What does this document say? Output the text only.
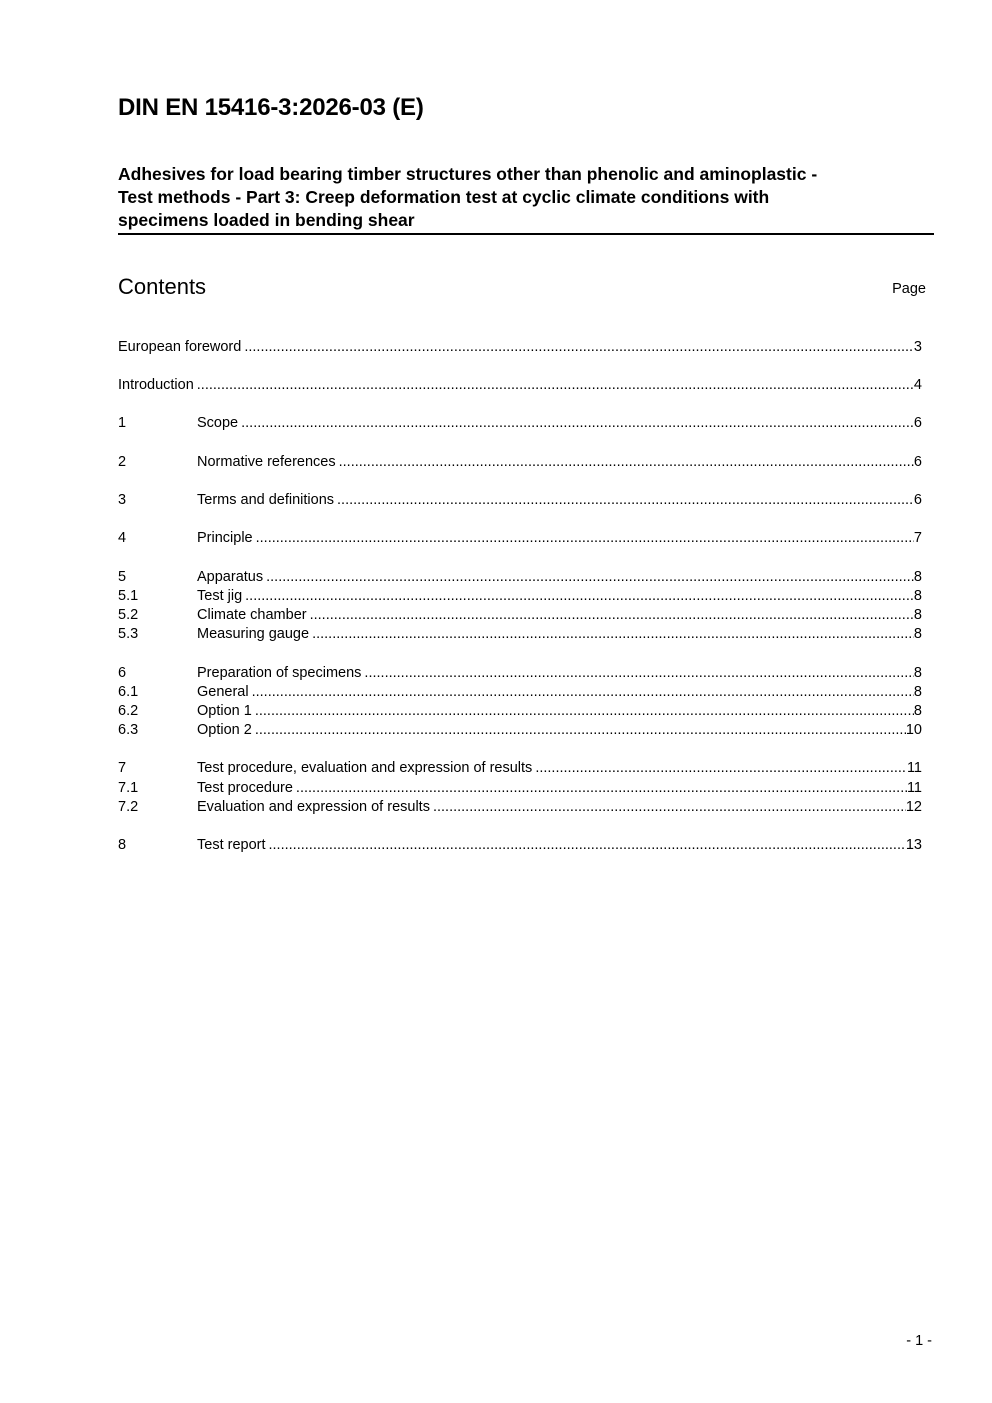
DIN EN 15416-3:2026-03 (E)
Adhesives for load bearing timber structures other than phenolic and aminoplastic -
Test methods - Part 3: Creep deformation test at cyclic climate conditions with
specimens loaded in bending shear
Contents	Page
European foreword .....	3
Introduction .....	4
1	Scope .....	6
2	Normative references .....	6
3	Terms and definitions .....	6
4	Principle .....	7
5	Apparatus .....	8
5.1	Test jig .....	8
5.2	Climate chamber .....	8
5.3	Measuring gauge .....	8
6	Preparation of specimens .....	8
6.1	General .....	8
6.2	Option 1 .....	8
6.3	Option 2 .....	10
7	Test procedure, evaluation and expression of results .....	11
7.1	Test procedure .....	11
7.2	Evaluation and expression of results .....	12
8	Test report .....	13
- 1 -
